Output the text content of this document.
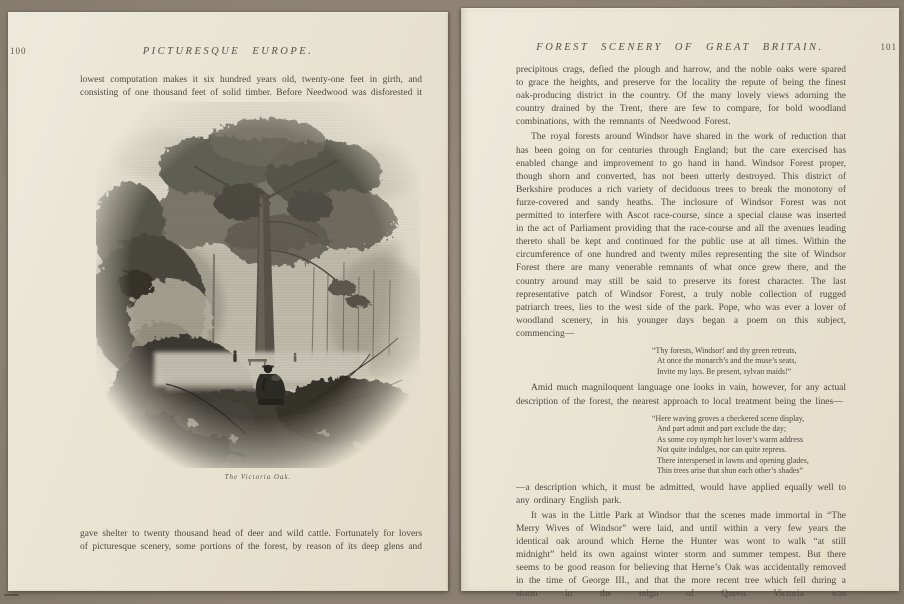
100	PICTURESQUE EUROPE.

lowest computation makes it six hundred years old, twenty-one feet in girth, and consisting of one thousand feet of solid timber. Before Needwood was disforested it

The Victoria Oak.

gave shelter to twenty thousand head of deer and wild cattle. Fortunately for lovers of picturesque scenery, some portions of the forest, by reason of its deep glens and

FOREST SCENERY OF GREAT BRITAIN.	101

precipitous crags, defied the plough and harrow, and the noble oaks were spared to grace the heights, and preserve for the locality the repute of being the finest oak-producing district in the country. Of the many lovely views adorning the country drained by the Trent, there are few to compare, for bold woodland combinations, with the remnants of Needwood Forest.

The royal forests around Windsor have shared in the work of reduction that has been going on for centuries through England; but the care exercised has enabled change and improvement to go hand in hand. Windsor Forest proper, though shorn and converted, has not been utterly destroyed. This district of Berkshire produces a rich variety of deciduous trees to break the monotony of furze-covered and sandy heaths. The inclosure of Windsor Forest was not permitted to interfere with Ascot race-course, since a special clause was inserted in the act of Parliament providing that the race-course and all the avenues leading thereto shall be kept and continued for the public use at all times. Within the circumference of one hundred and twenty miles representing the site of Windsor Forest there are many venerable remnants of what once grew there, and the country around may still be said to preserve its forest character. The last representative patch of Windsor Forest, a truly noble collection of rugged patriarch trees, lies to the west side of the park. Pope, who was ever a lover of woodland scenery, in his younger days began a poem on this subject, commencing—

“Thy forests, Windsor! and thy green retreats,
At once the monarch’s and the muse’s seats,
Invite my lays. Be present, sylvan maids!”

Amid much magniloquent language one looks in vain, however, for any actual description of the forest, the nearest approach to local treatment being the lines—

“Here waving groves a checkered scene display,
And part admit and part exclude the day;
As some coy nymph her lover’s warm address
Not quite indulges, nor can quite repress.
There interspersed in lawns and opening glades,
Thin trees arise that shun each other’s shades”

—a description which, it must be admitted, would have applied equally well to any ordinary English park.

It was in the Little Park at Windsor that the scenes made immortal in “The Merry Wives of Windsor” were laid, and until within a very few years the identical oak around which Herne the Hunter was wont to walk “at still midnight” held its own against winter storm and summer tempest. But there seems to be good reason for believing that Herne’s Oak was accidentally removed in the time of George III., and that the more recent tree which fell during a storm in the reign of Queen Victoria was
